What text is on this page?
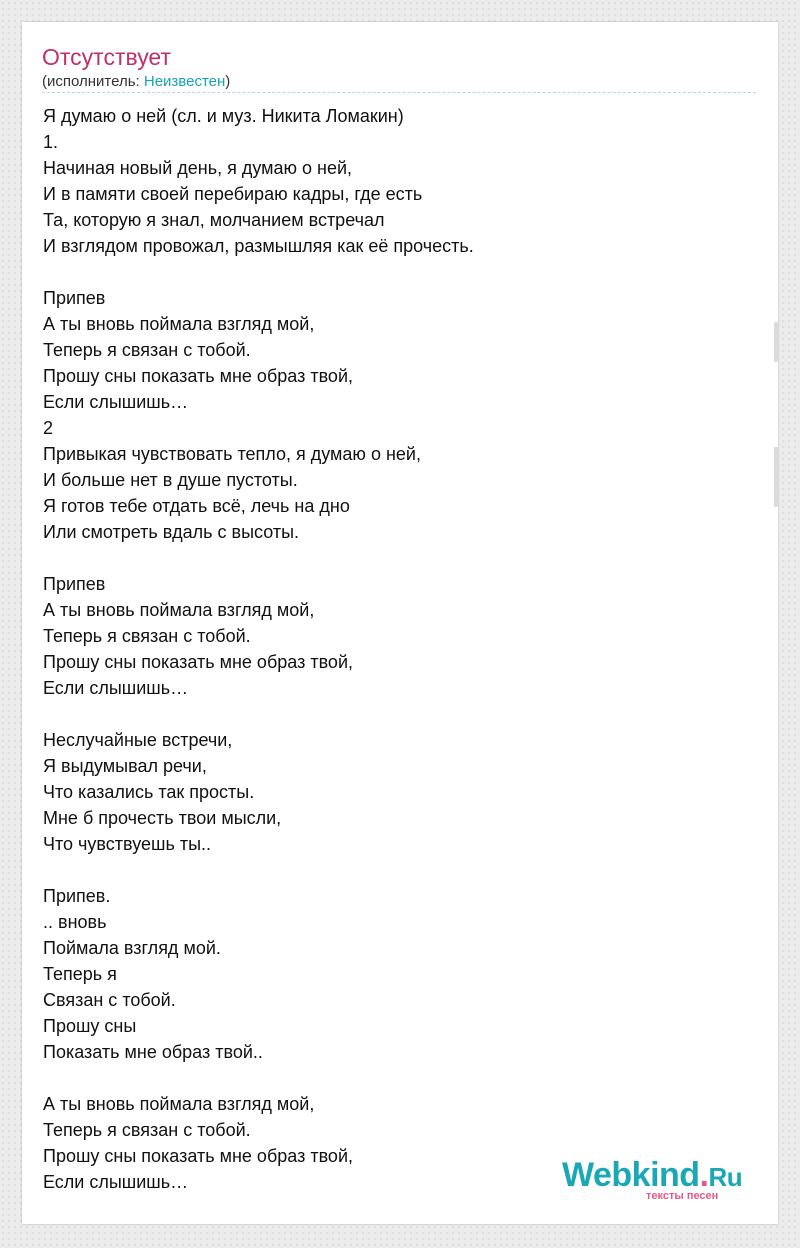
Отсутствует
(исполнитель: Неизвестен)
Я думаю о ней (сл. и муз. Никита Ломакин)
1.
Начиная новый день, я думаю о ней,
И в памяти своей перебираю кадры, где есть
Та, которую я знал, молчанием встречал
И взглядом провожал, размышляя как её прочесть.
Припев
А ты вновь поймала взгляд мой,
Теперь я связан с тобой.
Прошу сны показать мне образ твой,
Если слышишь…
2
Привыкая чувствовать тепло, я думаю о ней,
И больше нет в душе пустоты.
Я готов тебе отдать всё, лечь на дно
Или смотреть вдаль с высоты.
Припев
А ты вновь поймала взгляд мой,
Теперь я связан с тобой.
Прошу сны показать мне образ твой,
Если слышишь…
Неслучайные встречи,
Я выдумывал речи,
Что казались так просты.
Мне б прочесть твои мысли,
Что чувствуешь ты..
Припев.
.. вновь
Поймала взгляд мой.
Теперь я
Связан с тобой.
Прошу сны
Показать мне образ твой..
А ты вновь поймала взгляд мой,
Теперь я связан с тобой.
Прошу сны показать мне образ твой,
Если слышишь…	Webkind.Ru
тексты песен
